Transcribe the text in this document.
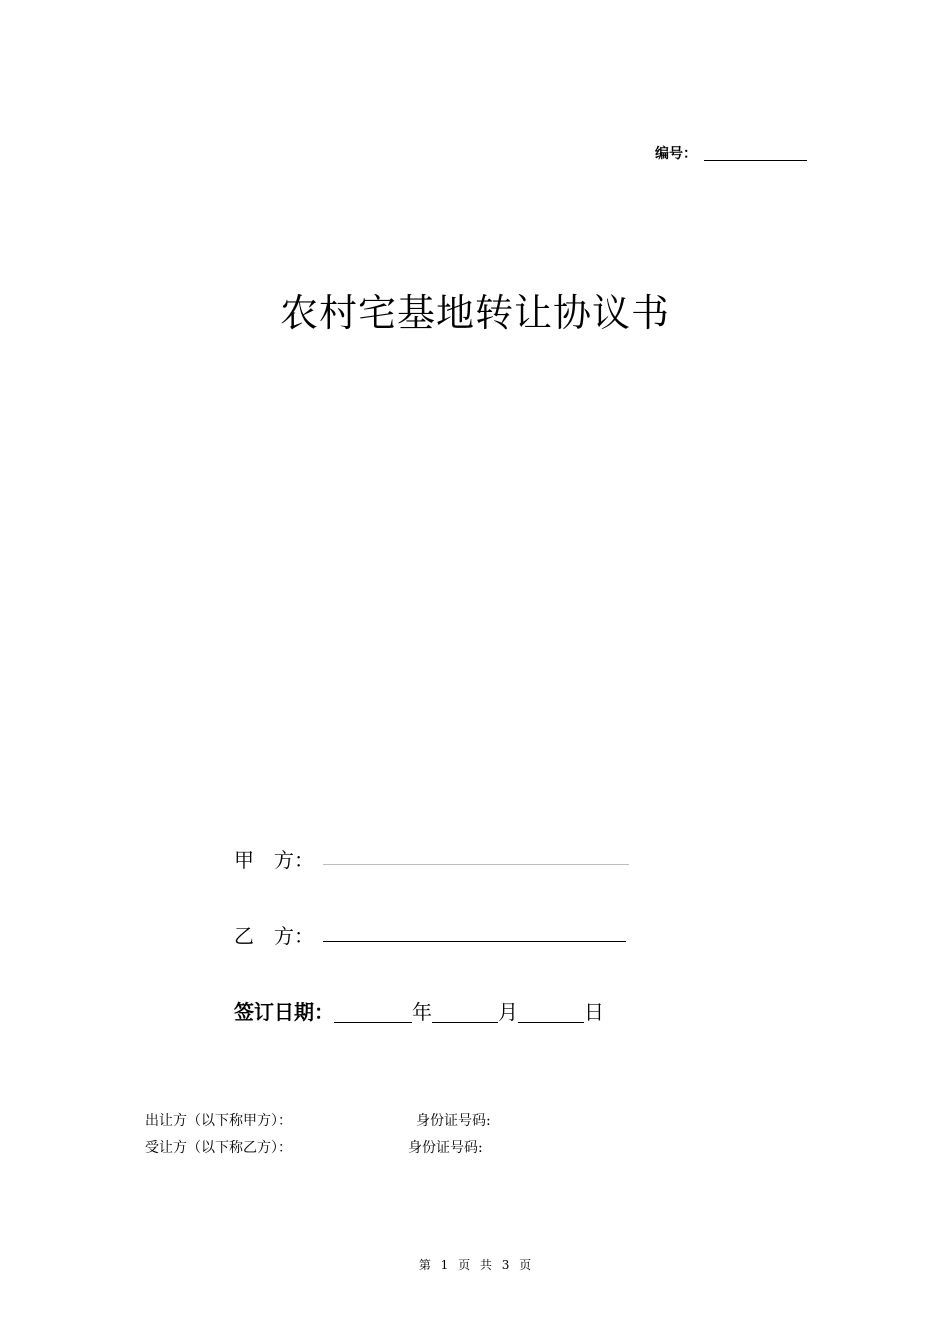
编号：
农村宅基地转让协议书
甲　方：
乙　方：
签订日期：	年	月	日
出让方（以下称甲方）：	身份证号码:
受让方（以下称乙方）：	身份证号码:
第 1 页 共 3 页
